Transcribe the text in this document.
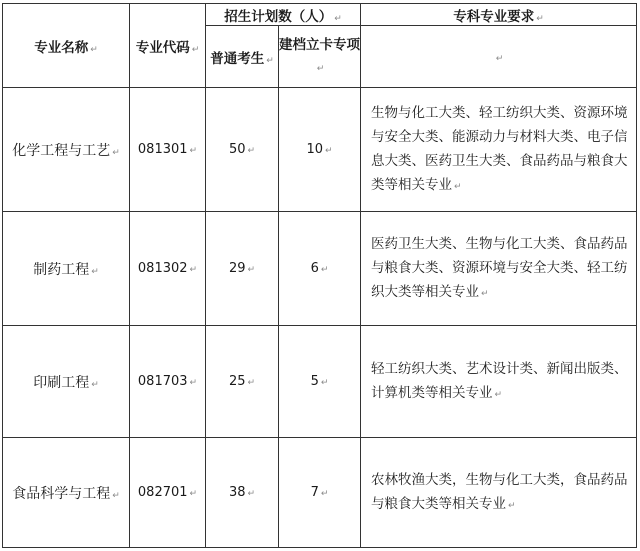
专业名称 ↵	专业代码 ↵	招生计划数（人） ↵		专科专业要求 ↵
		普通考生 ↵	建档立卡专项↵	↵
化学工程与工艺 ↵	081301 ↵	50 ↵	10 ↵	生物与化工大类、轻工纺织大类、资源环境与安全大类、能源动力与材料大类、电子信息大类、医药卫生大类、食品药品与粮食大类等相关专业 ↵
制药工程 ↵	081302 ↵	29 ↵	6 ↵	医药卫生大类、生物与化工大类、食品药品与粮食大类、资源环境与安全大类、轻工纺织大类等相关专业 ↵
印刷工程 ↵	081703 ↵	25 ↵	5 ↵	轻工纺织大类、艺术设计类、新闻出版类、计算机类等相关专业 ↵
食品科学与工程 ↵	082701 ↵	38 ↵	7 ↵	农林牧渔大类，生物与化工大类，食品药品与粮食大类等相关专业 ↵
